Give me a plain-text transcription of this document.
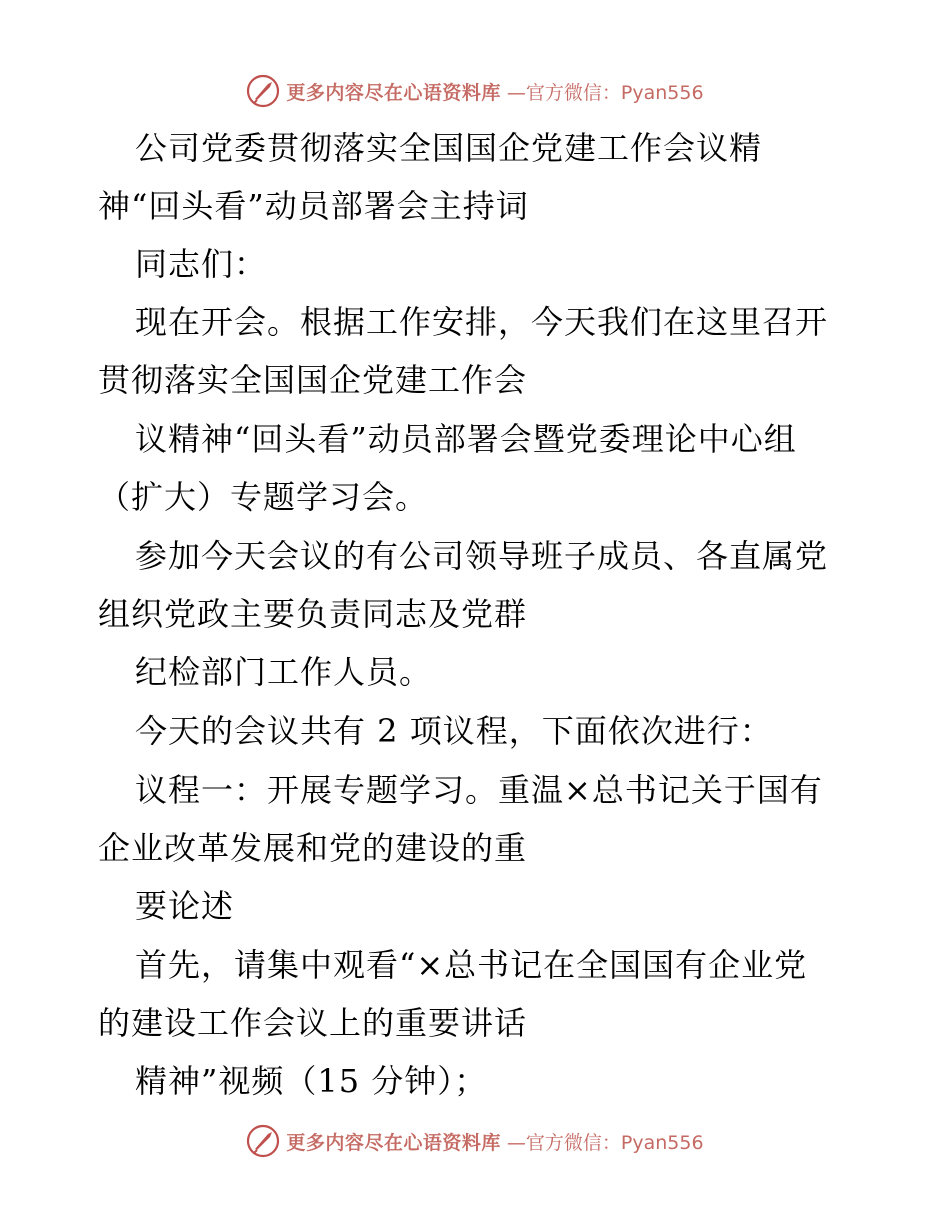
更多内容尽在心语资料库 —官方微信：Pyan556
公司党委贯彻落实全国国企党建工作会议精
神“回头看”动员部署会主持词
同志们：
现在开会。根据工作安排，今天我们在这里召开
贯彻落实全国国企党建工作会
议精神“回头看”动员部署会暨党委理论中心组
（扩大）专题学习会。
参加今天会议的有公司领导班子成员、各直属党
组织党政主要负责同志及党群
纪检部门工作人员。
今天的会议共有 2 项议程，下面依次进行：
议程一：开展专题学习。重温×总书记关于国有
企业改革发展和党的建设的重
要论述
首先，请集中观看“×总书记在全国国有企业党
的建设工作会议上的重要讲话
精神”视频（15 分钟）；
更多内容尽在心语资料库 —官方微信：Pyan556
